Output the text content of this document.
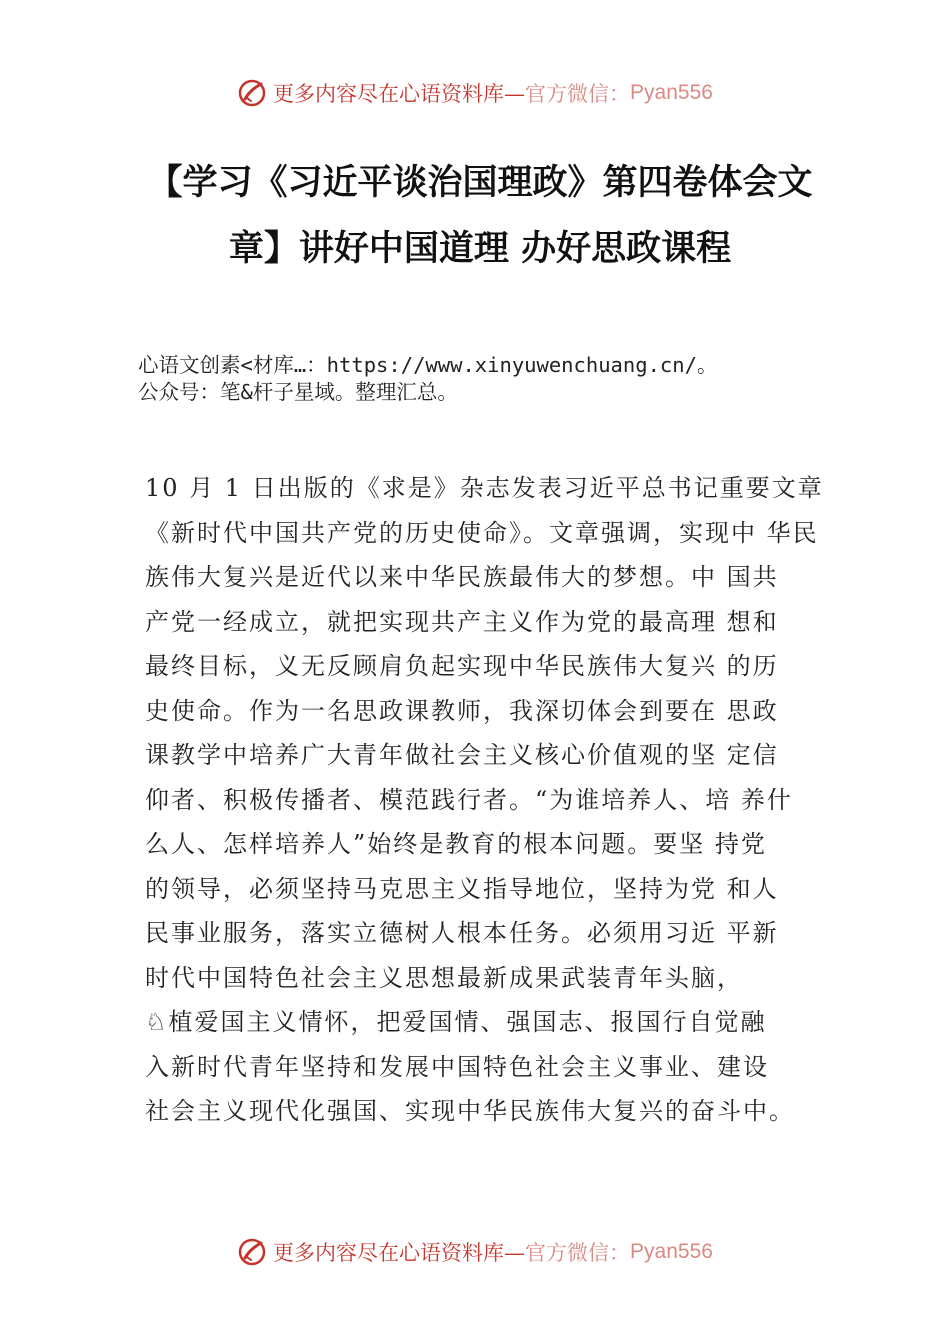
更多内容尽在心语资料库— 官方微信： Pyan556
【学习《习近平谈治国理政》第四卷体会文
章】讲好中国道理 办好思政课程
心语文创素<材库…：https://www.xinyuwenchuang.cn/。
公众号：笔&杆子星域。整理汇总。
10 月 1 日出版的《求是》杂志发表习近平总书记重要文章
《新时代中国共产党的历史使命》。文章强调，实现中 华民
族伟大复兴是近代以来中华民族最伟大的梦想。中 国共
产党一经成立，就把实现共产主义作为党的最高理 想和
最终目标，义无反顾肩负起实现中华民族伟大复兴 的历
史使命。作为一名思政课教师，我深切体会到要在 思政
课教学中培养广大青年做社会主义核心价值观的坚 定信
仰者、积极传播者、模范践行者。“为谁培养人、培 养什
么人、怎样培养人”始终是教育的根本问题。要坚 持党
的领导，必须坚持马克思主义指导地位，坚持为党 和人
民事业服务，落实立德树人根本任务。必须用习近 平新
时代中国特色社会主义思想最新成果武装青年头脑，
♘植爱国主义情怀，把爱国情、强国志、报国行自觉融
入新时代青年坚持和发展中国特色社会主义事业、建设
社会主义现代化强国、实现中华民族伟大复兴的奋斗中。
更多内容尽在心语资料库— 官方微信： Pyan556
